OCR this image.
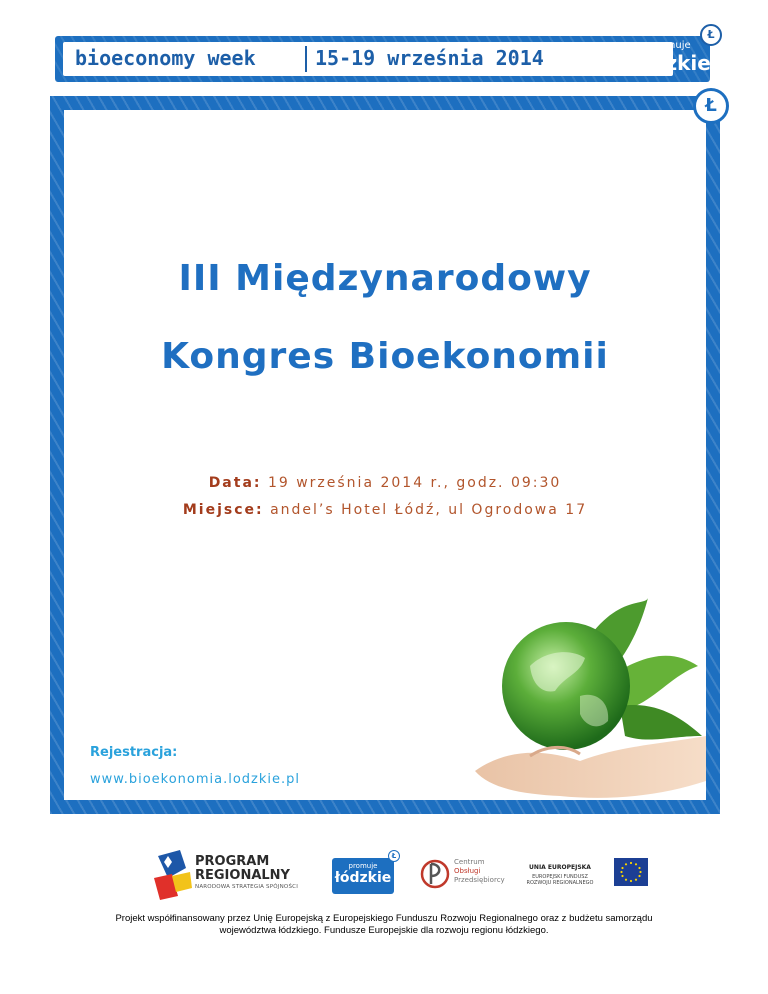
bioeconomy week	15-19 września 2014
promuje
łódzkie
Ł
Ł
III Międzynarodowy
Kongres Bioekonomii
Data: 19 września 2014 r., godz. 09:30
Miejsce: andel’s Hotel Łódź, ul Ogrodowa 17
Rejestracja:
www.bioekonomia.lodzkie.pl
PROGRAM
REGIONALNY
NARODOWA STRATEGIA SPÓJNOŚCI
promuje
łódzkie
Ł
Centrum
Obsługi
Przedsiębiorcy
UNIA EUROPEJSKA
EUROPEJSKI FUNDUSZ
ROZWOJU REGIONALNEGO
Projekt współfinansowany przez Unię Europejską z Europejskiego Funduszu Rozwoju Regionalnego oraz z budżetu samorządu
województwa łódzkiego. Fundusze Europejskie dla rozwoju regionu łódzkiego.
